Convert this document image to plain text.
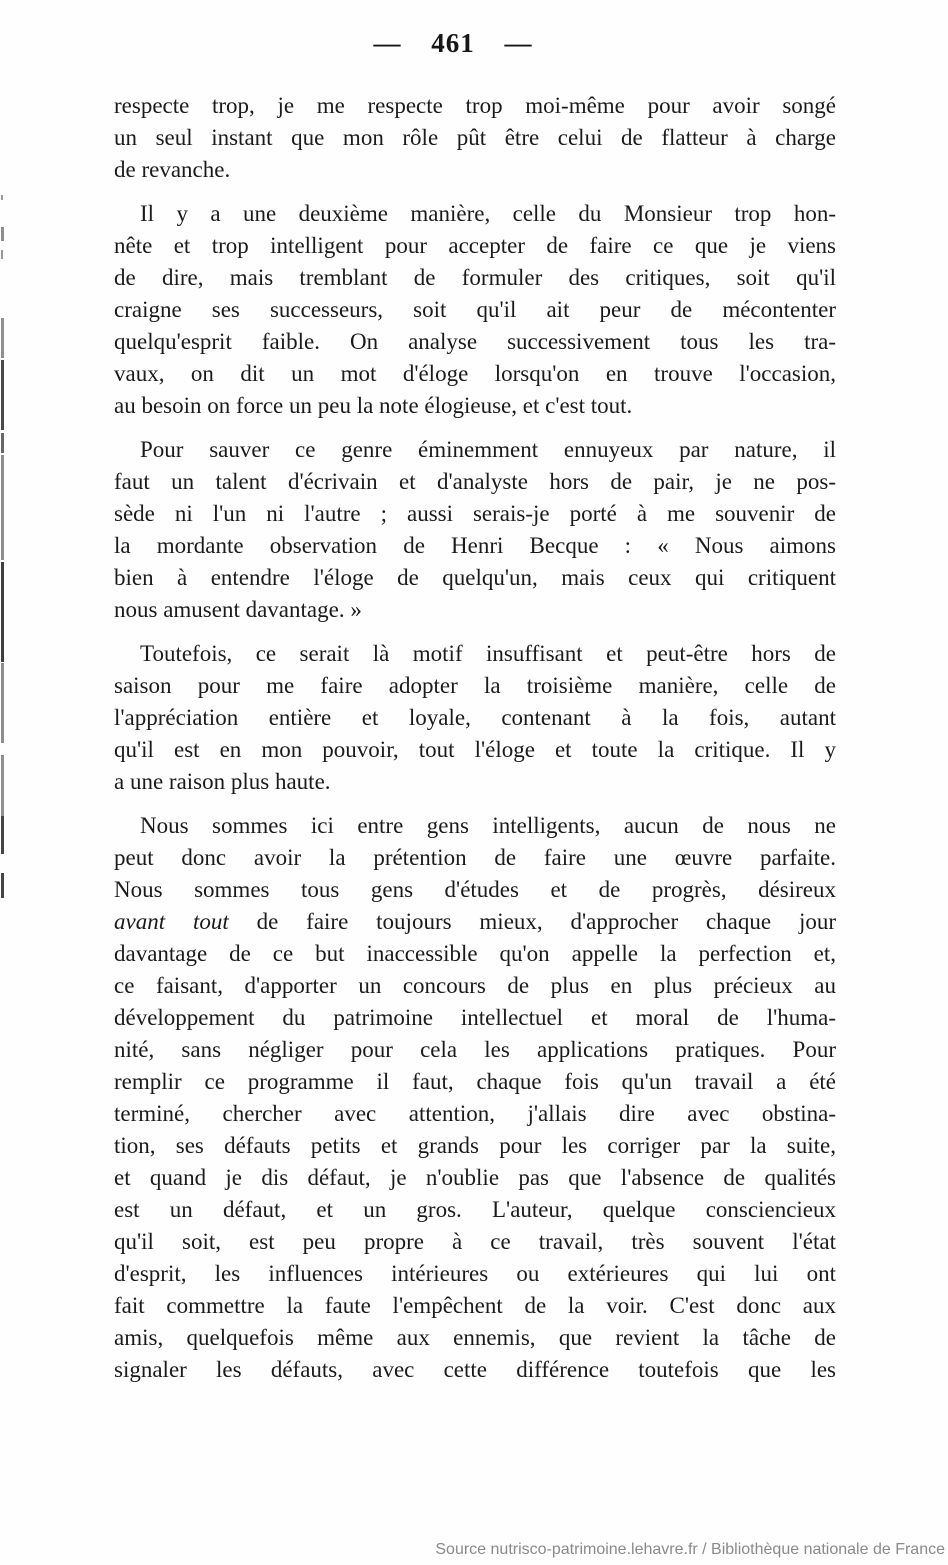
— 461 —
respecte trop, je me respecte trop moi-même pour avoir songé
un seul instant que mon rôle pût être celui de flatteur à charge
de revanche.
Il y a une deuxième manière, celle du Monsieur trop hon-
nête et trop intelligent pour accepter de faire ce que je viens
de dire, mais tremblant de formuler des critiques, soit qu'il
craigne ses successeurs, soit qu'il ait peur de mécontenter
quelqu'esprit faible. On analyse successivement tous les tra-
vaux, on dit un mot d'éloge lorsqu'on en trouve l'occasion,
au besoin on force un peu la note élogieuse, et c'est tout.
Pour sauver ce genre éminemment ennuyeux par nature, il
faut un talent d'écrivain et d'analyste hors de pair, je ne pos-
sède ni l'un ni l'autre ; aussi serais-je porté à me souvenir de
la mordante observation de Henri Becque : « Nous aimons
bien à entendre l'éloge de quelqu'un, mais ceux qui critiquent
nous amusent davantage. »
Toutefois, ce serait là motif insuffisant et peut-être hors de
saison pour me faire adopter la troisième manière, celle de
l'appréciation entière et loyale, contenant à la fois, autant
qu'il est en mon pouvoir, tout l'éloge et toute la critique. Il y
a une raison plus haute.
Nous sommes ici entre gens intelligents, aucun de nous ne
peut donc avoir la prétention de faire une œuvre parfaite.
Nous sommes tous gens d'études et de progrès, désireux
avant tout de faire toujours mieux, d'approcher chaque jour
davantage de ce but inaccessible qu'on appelle la perfection et,
ce faisant, d'apporter un concours de plus en plus précieux au
développement du patrimoine intellectuel et moral de l'huma-
nité, sans négliger pour cela les applications pratiques. Pour
remplir ce programme il faut, chaque fois qu'un travail a été
terminé, chercher avec attention, j'allais dire avec obstina-
tion, ses défauts petits et grands pour les corriger par la suite,
et quand je dis défaut, je n'oublie pas que l'absence de qualités
est un défaut, et un gros. L'auteur, quelque consciencieux
qu'il soit, est peu propre à ce travail, très souvent l'état
d'esprit, les influences intérieures ou extérieures qui lui ont
fait commettre la faute l'empêchent de la voir. C'est donc aux
amis, quelquefois même aux ennemis, que revient la tâche de
signaler les défauts, avec cette différence toutefois que les
Source nutrisco-patrimoine.lehavre.fr / Bibliothèque nationale de France
